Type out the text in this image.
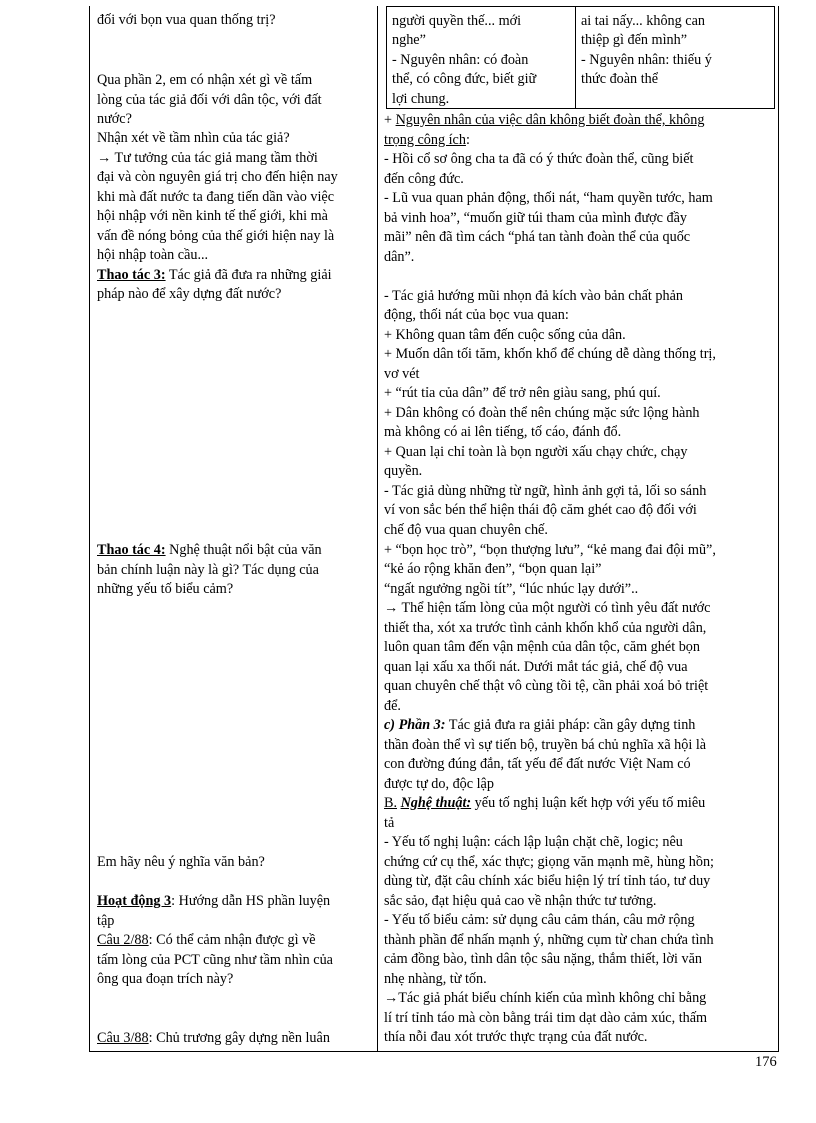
đối với bọn vua quan thống trị?
Qua phần 2, em có nhận xét gì về tấm
lòng của tác giả đối với dân tộc, với đất
nước?
Nhận xét về tầm nhìn của tác giả?
→ Tư tưởng của tác giả mang tầm thời
đại và còn nguyên giá trị cho đến hiện nay
khi mà đất nước ta đang tiến dần vào việc
hội nhập với nền kinh tế thế giới, khi mà
vấn đề nóng bỏng của thế giới hiện nay là
hội nhập toàn cầu...
Thao tác 3: Tác giả đã đưa ra những giải
pháp nào để xây dựng đất nước?
Thao tác 4: Nghệ thuật nổi bật của văn
bản chính luận này là gì? Tác dụng của
những yếu tố biểu cảm?
Em hãy nêu ý nghĩa văn bản?
Hoạt động 3: Hướng dẫn HS phần luyện
tập
Câu 2/88: Có thể cảm nhận được gì về
tấm lòng của PCT cũng như tầm nhìn của
ông qua đoạn trích này?
Câu 3/88: Chủ trương gây dựng nền luân
+ Nguyên nhân của việc dân không biết đoàn thể, không
trọng công ích:
- Hồi cổ sơ ông cha ta đã có ý thức đoàn thể, cũng biết
đến công đức.
- Lũ vua quan phản động, thối nát, “ham quyền tước, ham
bả vinh hoa”, “muốn giữ túi tham của mình được đầy
mãi” nên đã tìm cách “phá tan tành đoàn thể của quốc
dân”.
- Tác giả hướng mũi nhọn đả kích vào bản chất phản
động, thối nát của bọc vua quan:
+ Không quan tâm đến cuộc sống của dân.
+ Muốn dân tối tăm, khốn khổ để chúng dễ dàng thống trị,
vơ vét
+ “rút tỉa của dân” để trở nên giàu sang, phú quí.
+ Dân không có đoàn thể nên chúng mặc sức lộng hành
mà không có ai lên tiếng, tố cáo, đánh đổ.
+ Quan lại chỉ toàn là bọn người xấu chạy chức, chạy
quyền.
- Tác giả dùng những từ ngữ, hình ảnh gợi tả, lối so sánh
ví von sắc bén thể hiện thái độ căm ghét cao độ đối với
chế độ vua quan chuyên chế.
+ “bọn học trò”, “bọn thượng lưu”, “kẻ mang đai đội mũ”,
“kẻ áo rộng khăn đen”, “bọn quan lại”
“ngất ngưởng ngồi tít”, “lúc nhúc lạy dưới”..
→ Thể hiện tấm lòng của một người có tình yêu đất nước
thiết tha, xót xa trước tình cảnh khốn khổ của người dân,
luôn quan tâm đến vận mệnh của dân tộc, căm ghét bọn
quan lại xấu xa thối nát. Dưới mắt tác giả, chế độ vua
quan chuyên chế thật vô cùng tồi tệ, cần phải xoá bỏ triệt
để.
c) Phần 3: Tác giả đưa ra giải pháp: cần gây dựng tinh
thần đoàn thể vì sự tiến bộ, truyền bá chủ nghĩa xã hội là
con đường đúng đắn, tất yếu để đất nước Việt Nam có
được tự do, độc lập
B. Nghệ thuật: yếu tố nghị luận kết hợp với yếu tố miêu
tả
- Yếu tố nghị luận: cách lập luận chặt chẽ, logic; nêu
chứng cứ cụ thể, xác thực; giọng văn mạnh mẽ, hùng hồn;
dùng từ, đặt câu chính xác biểu hiện lý trí tỉnh táo, tư duy
sắc sảo, đạt hiệu quả cao về nhận thức tư tưởng.
- Yếu tố biểu cảm: sử dụng câu cảm thán, câu mở rộng
thành phần để nhấn mạnh ý, những cụm từ chan chứa tình
cảm đồng bào, tình dân tộc sâu nặng, thắm thiết, lời văn
nhẹ nhàng, từ tốn.
→Tác giả phát biểu chính kiến của mình không chỉ bằng
lí trí tỉnh táo mà còn bằng trái tim dạt dào cảm xúc, thấm
thía nỗi đau xót trước thực trạng của đất nước.
người quyền thế... mới
nghe”
- Nguyên nhân: có đoàn
thể, có công đức, biết giữ
lợi chung.
ai tai nấy... không can
thiệp gì đến mình”
- Nguyên nhân: thiếu ý
thức đoàn thể
176
